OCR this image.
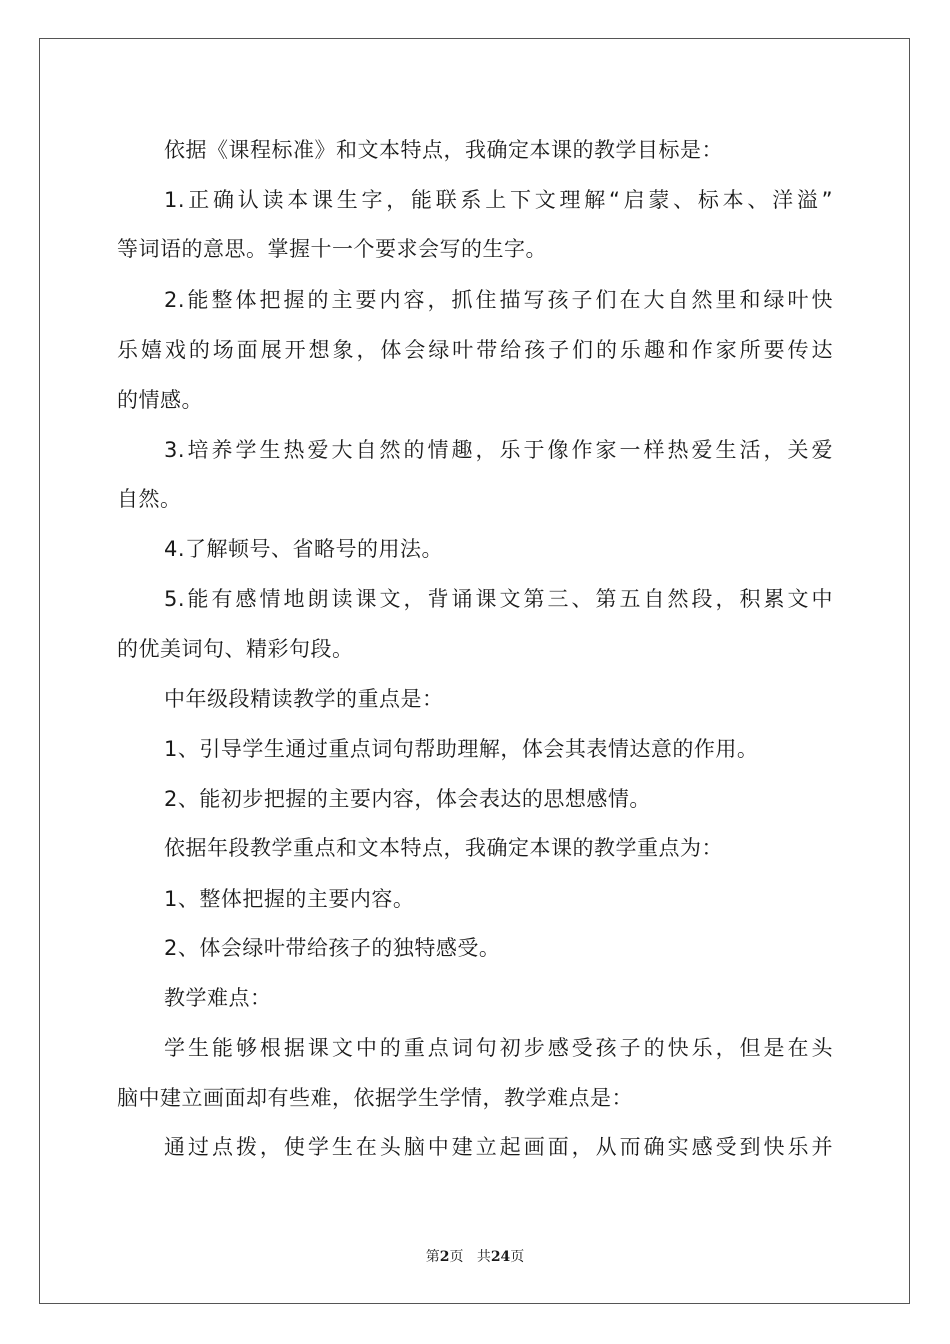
依据《课程标准》和文本特点，我确定本课的教学目标是：
1.正确认读本课生字，能联系上下文理解“启蒙、标本、洋溢”
等词语的意思。掌握十一个要求会写的生字。
2.能整体把握的主要内容，抓住描写孩子们在大自然里和绿叶快
乐嬉戏的场面展开想象，体会绿叶带给孩子们的乐趣和作家所要传达
的情感。
3.培养学生热爱大自然的情趣，乐于像作家一样热爱生活，关爱
自然。
4.了解顿号、省略号的用法。
5.能有感情地朗读课文，背诵课文第三、第五自然段，积累文中
的优美词句、精彩句段。
中年级段精读教学的重点是：
1、引导学生通过重点词句帮助理解，体会其表情达意的作用。
2、能初步把握的主要内容，体会表达的思想感情。
依据年段教学重点和文本特点，我确定本课的教学重点为：
1、整体把握的主要内容。
2、体会绿叶带给孩子的独特感受。
教学难点：
学生能够根据课文中的重点词句初步感受孩子的快乐，但是在头
脑中建立画面却有些难，依据学生学情，教学难点是：
通过点拨，使学生在头脑中建立起画面，从而确实感受到快乐并
第2页 共24页
